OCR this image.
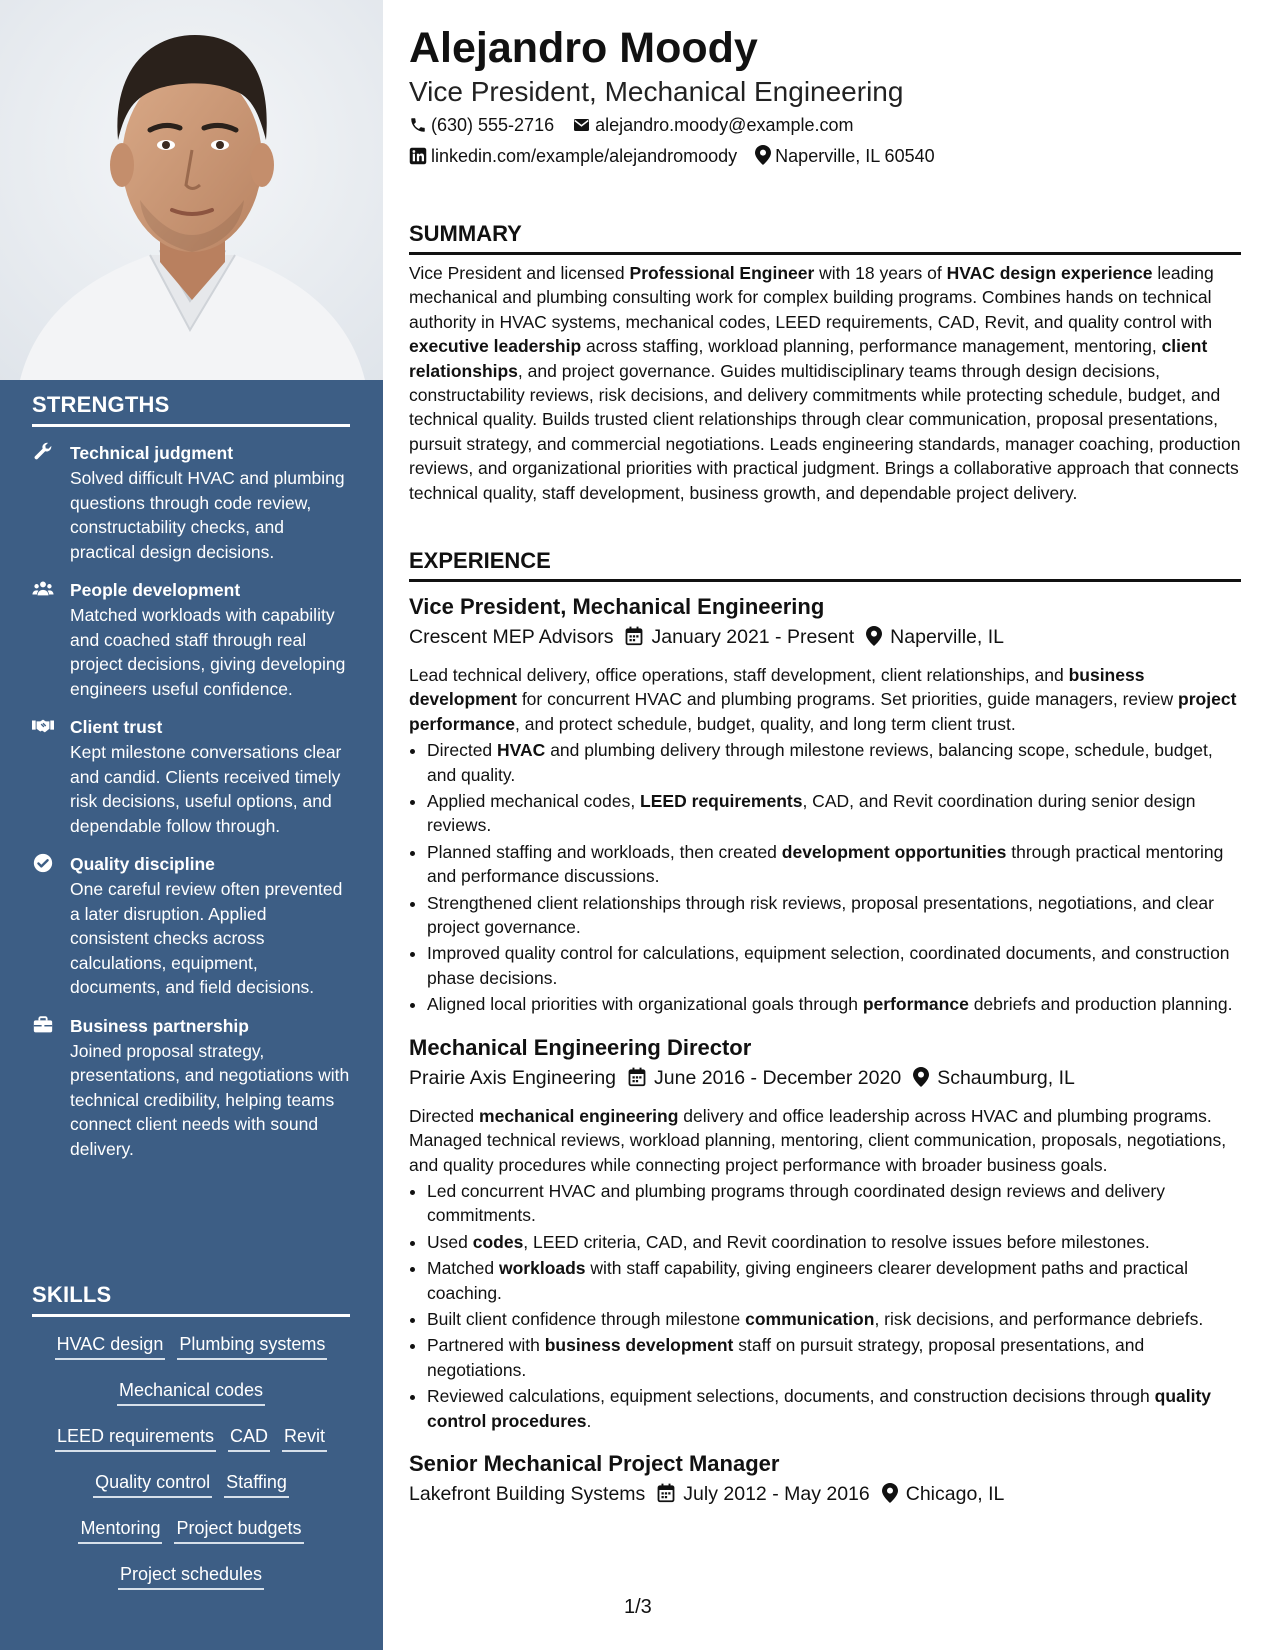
STRENGTHS
Technical judgment
Solved difficult HVAC and plumbing questions through code review, constructability checks, and practical design decisions.
People development
Matched workloads with capability and coached staff through real project decisions, giving developing engineers useful confidence.
Client trust
Kept milestone conversations clear and candid. Clients received timely risk decisions, useful options, and dependable follow through.
Quality discipline
One careful review often prevented a later disruption. Applied consistent checks across calculations, equipment, documents, and field decisions.
Business partnership
Joined proposal strategy, presentations, and negotiations with technical credibility, helping teams connect client needs with sound delivery.
SKILLS
HVAC design Plumbing systems
Mechanical codes
LEED requirements CAD Revit
Quality control Staffing
Mentoring Project budgets
Project schedules
Alejandro Moody
Vice President, Mechanical Engineering
(630) 555-2716 alejandro.moody@example.com
linkedin.com/example/alejandromoody Naperville, IL 60540
SUMMARY
Vice President and licensed Professional Engineer with 18 years of HVAC design experience leading mechanical and plumbing consulting work for complex building programs. Combines hands on technical authority in HVAC systems, mechanical codes, LEED requirements, CAD, Revit, and quality control with executive leadership across staffing, workload planning, performance management, mentoring, client relationships, and project governance. Guides multidisciplinary teams through design decisions, constructability reviews, risk decisions, and delivery commitments while protecting schedule, budget, and technical quality. Builds trusted client relationships through clear communication, proposal presentations, pursuit strategy, and commercial negotiations. Leads engineering standards, manager coaching, production reviews, and organizational priorities with practical judgment. Brings a collaborative approach that connects technical quality, staff development, business growth, and dependable project delivery.
EXPERIENCE
Vice President, Mechanical Engineering
Crescent MEP Advisors January 2021 - Present Naperville, IL
Lead technical delivery, office operations, staff development, client relationships, and business development for concurrent HVAC and plumbing programs. Set priorities, guide managers, review project performance, and protect schedule, budget, quality, and long term client trust.
• Directed HVAC and plumbing delivery through milestone reviews, balancing scope, schedule, budget, and quality.
• Applied mechanical codes, LEED requirements, CAD, and Revit coordination during senior design reviews.
• Planned staffing and workloads, then created development opportunities through practical mentoring and performance discussions.
• Strengthened client relationships through risk reviews, proposal presentations, negotiations, and clear project governance.
• Improved quality control for calculations, equipment selection, coordinated documents, and construction phase decisions.
• Aligned local priorities with organizational goals through performance debriefs and production planning.
Mechanical Engineering Director
Prairie Axis Engineering June 2016 - December 2020 Schaumburg, IL
Directed mechanical engineering delivery and office leadership across HVAC and plumbing programs. Managed technical reviews, workload planning, mentoring, client communication, proposals, negotiations, and quality procedures while connecting project performance with broader business goals.
• Led concurrent HVAC and plumbing programs through coordinated design reviews and delivery commitments.
• Used codes, LEED criteria, CAD, and Revit coordination to resolve issues before milestones.
• Matched workloads with staff capability, giving engineers clearer development paths and practical coaching.
• Built client confidence through milestone communication, risk decisions, and performance debriefs.
• Partnered with business development staff on pursuit strategy, proposal presentations, and negotiations.
• Reviewed calculations, equipment selections, documents, and construction decisions through quality control procedures.
Senior Mechanical Project Manager
Lakefront Building Systems July 2012 - May 2016 Chicago, IL
1/3
